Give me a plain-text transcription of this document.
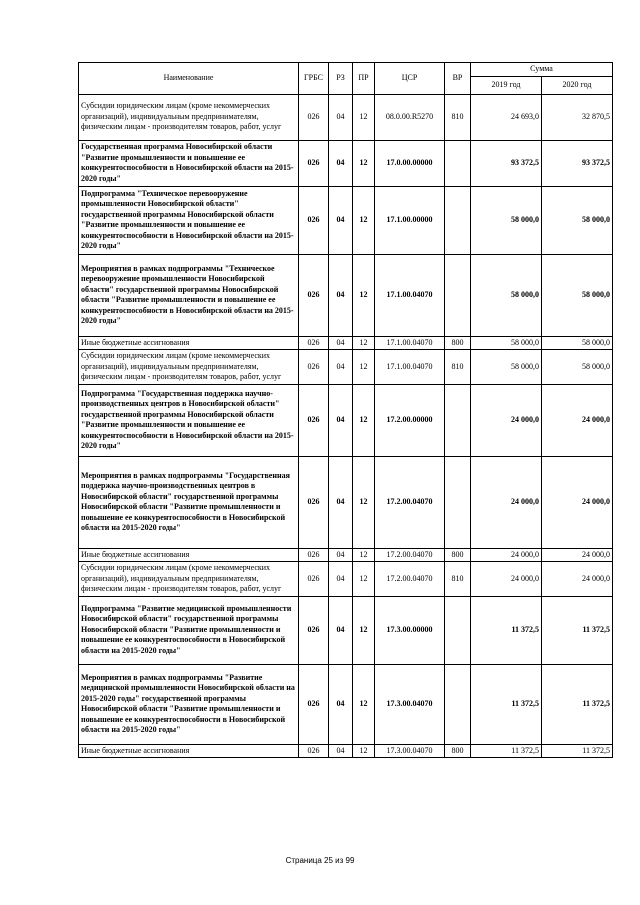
Наименование	ГРБС	РЗ	ПР	ЦСР	ВР	Сумма	
						2019 год	2020 год
Субсидии юридическим лицам (кроме некоммерческих организаций), индивидуальным предпринимателям, физическим лицам - производителям товаров, работ, услуг	026	04	12	08.0.00.R5270	810	24 693,0	32 870,5
Государственная программа Новосибирской области "Развитие промышленности и повышение ее конкурентоспособности в Новосибирской области на 2015-2020 годы"	026	04	12	17.0.00.00000		93 372,5	93 372,5
Подпрограмма "Техническое перевооружение промышленности Новосибирской области" государственной программы Новосибирской области "Развитие промышленности и повышение ее конкурентоспособности в Новосибирской области на 2015-2020 годы"	026	04	12	17.1.00.00000		58 000,0	58 000,0
Мероприятия в рамках подпрограммы "Техническое перевооружение промышленности Новосибирской области" государственной программы Новосибирской области "Развитие промышленности и повышение ее конкурентоспособности в Новосибирской области на 2015-2020 годы"	026	04	12	17.1.00.04070		58 000,0	58 000,0
Иные бюджетные ассигнования	026	04	12	17.1.00.04070	800	58 000,0	58 000,0
Субсидии юридическим лицам (кроме некоммерческих организаций), индивидуальным предпринимателям, физическим лицам - производителям товаров, работ, услуг	026	04	12	17.1.00.04070	810	58 000,0	58 000,0
Подпрограмма "Государственная поддержка научно-производственных центров в Новосибирской области" государственной программы Новосибирской области "Развитие промышленности и повышение ее конкурентоспособности в Новосибирской области на 2015-2020 годы"	026	04	12	17.2.00.00000		24 000,0	24 000,0
Мероприятия в рамках подпрограммы "Государственная поддержка научно-производственных центров в Новосибирской области" государственной программы Новосибирской области "Развитие промышленности и повышение ее конкурентоспособности в Новосибирской области на 2015-2020 годы"	026	04	12	17.2.00.04070		24 000,0	24 000,0
Иные бюджетные ассигнования	026	04	12	17.2.00.04070	800	24 000,0	24 000,0
Субсидии юридическим лицам (кроме некоммерческих организаций), индивидуальным предпринимателям, физическим лицам - производителям товаров, работ, услуг	026	04	12	17.2.00.04070	810	24 000,0	24 000,0
Подпрограмма "Развитие медицинской промышленности Новосибирской области" государственной программы Новосибирской области "Развитие промышленности и повышение ее конкурентоспособности в Новосибирской области на 2015-2020 годы"	026	04	12	17.3.00.00000		11 372,5	11 372,5
Мероприятия в рамках подпрограммы "Развитие медицинской промышленности Новосибирской области на 2015-2020 годы" государственной программы Новосибирской области "Развитие промышленности и повышение ее конкурентоспособности в Новосибирской области на 2015-2020 годы"	026	04	12	17.3.00.04070		11 372,5	11 372,5
Иные бюджетные ассигнования	026	04	12	17.3.00.04070	800	11 372,5	11 372,5
Страница 25 из 99
